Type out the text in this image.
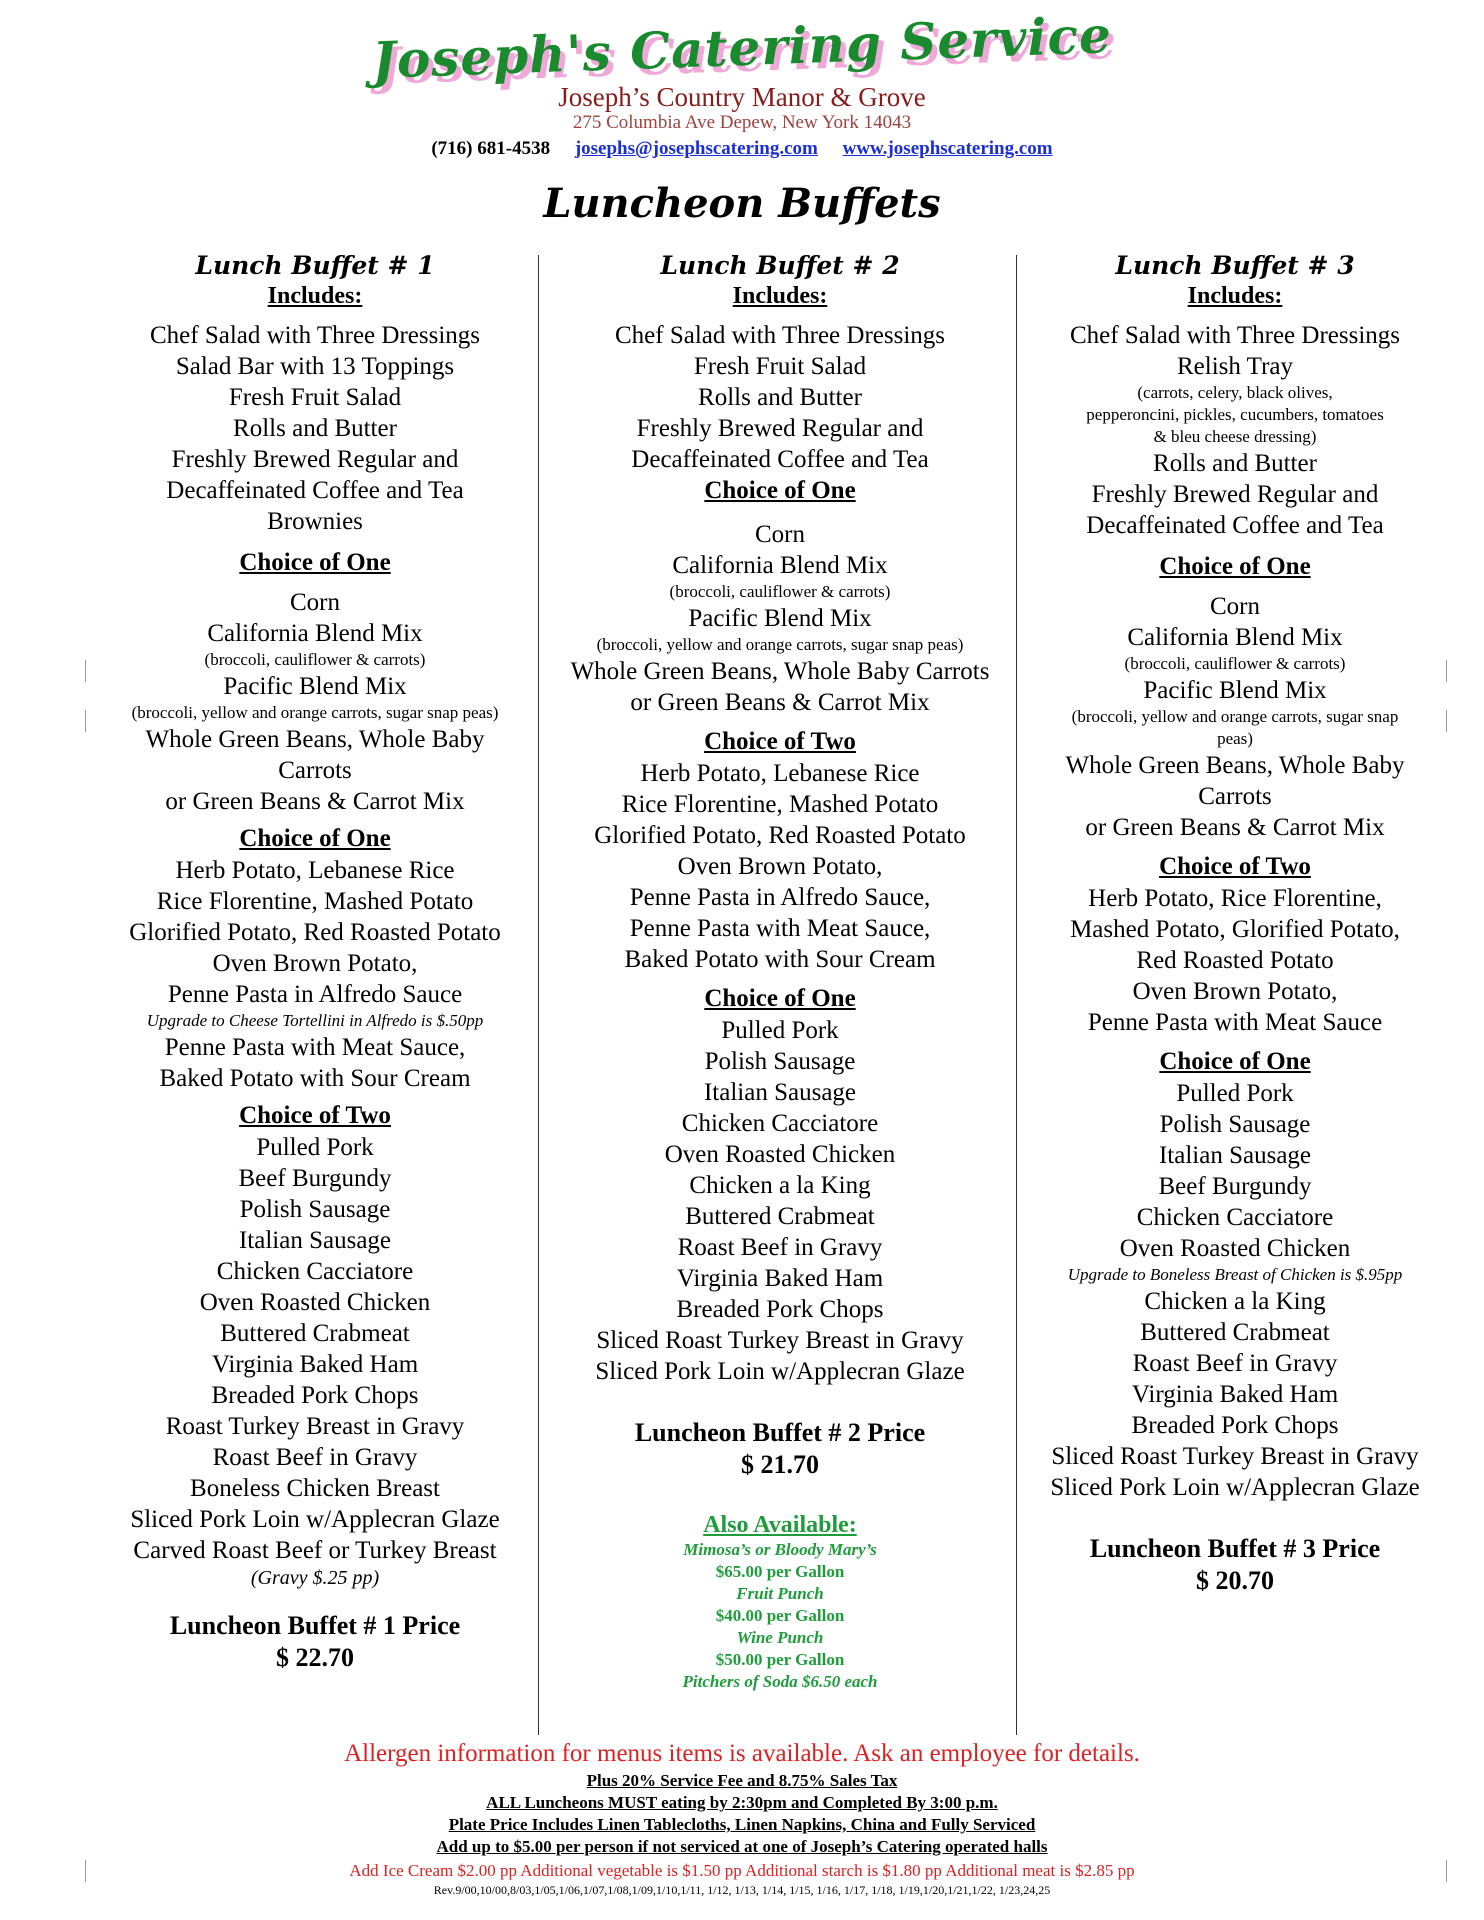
Joseph's Catering Service
Joseph’s Country Manor & Grove
275 Columbia Ave Depew, New York 14043
(716) 681-4538 josephs@josephscatering.com www.josephscatering.com
Luncheon Buffets
Lunch Buffet # 1
Includes:
Chef Salad with Three Dressings
Salad Bar with 13 Toppings
Fresh Fruit Salad
Rolls and Butter
Freshly Brewed Regular and
Decaffeinated Coffee and Tea
Brownies
Choice of One
Corn
California Blend Mix
(broccoli, cauliflower & carrots)
Pacific Blend Mix
(broccoli, yellow and orange carrots, sugar snap peas)
Whole Green Beans, Whole Baby
Carrots
or Green Beans & Carrot Mix
Choice of One
Herb Potato, Lebanese Rice
Rice Florentine, Mashed Potato
Glorified Potato, Red Roasted Potato
Oven Brown Potato,
Penne Pasta in Alfredo Sauce
Upgrade to Cheese Tortellini in Alfredo is $.50pp
Penne Pasta with Meat Sauce,
Baked Potato with Sour Cream
Choice of Two
Pulled Pork
Beef Burgundy
Polish Sausage
Italian Sausage
Chicken Cacciatore
Oven Roasted Chicken
Buttered Crabmeat
Virginia Baked Ham
Breaded Pork Chops
Roast Turkey Breast in Gravy
Roast Beef in Gravy
Boneless Chicken Breast
Sliced Pork Loin w/Applecran Glaze
Carved Roast Beef or Turkey Breast
(Gravy $.25 pp)
Luncheon Buffet # 1 Price
$ 22.70
Lunch Buffet # 2
Includes:
Chef Salad with Three Dressings
Fresh Fruit Salad
Rolls and Butter
Freshly Brewed Regular and
Decaffeinated Coffee and Tea
Choice of One
Corn
California Blend Mix
(broccoli, cauliflower & carrots)
Pacific Blend Mix
(broccoli, yellow and orange carrots, sugar snap peas)
Whole Green Beans, Whole Baby Carrots
or Green Beans & Carrot Mix
Choice of Two
Herb Potato, Lebanese Rice
Rice Florentine, Mashed Potato
Glorified Potato, Red Roasted Potato
Oven Brown Potato,
Penne Pasta in Alfredo Sauce,
Penne Pasta with Meat Sauce,
Baked Potato with Sour Cream
Choice of One
Pulled Pork
Polish Sausage
Italian Sausage
Chicken Cacciatore
Oven Roasted Chicken
Chicken a la King
Buttered Crabmeat
Roast Beef in Gravy
Virginia Baked Ham
Breaded Pork Chops
Sliced Roast Turkey Breast in Gravy
Sliced Pork Loin w/Applecran Glaze
Luncheon Buffet # 2 Price
$ 21.70
Also Available:
Mimosa’s or Bloody Mary’s
$65.00 per Gallon
Fruit Punch
$40.00 per Gallon
Wine Punch
$50.00 per Gallon
Pitchers of Soda $6.50 each
Lunch Buffet # 3
Includes:
Chef Salad with Three Dressings
Relish Tray
(carrots, celery, black olives,
pepperoncini, pickles, cucumbers, tomatoes
& bleu cheese dressing)
Rolls and Butter
Freshly Brewed Regular and
Decaffeinated Coffee and Tea
Choice of One
Corn
California Blend Mix
(broccoli, cauliflower & carrots)
Pacific Blend Mix
(broccoli, yellow and orange carrots, sugar snap
peas)
Whole Green Beans, Whole Baby
Carrots
or Green Beans & Carrot Mix
Choice of Two
Herb Potato, Rice Florentine,
Mashed Potato, Glorified Potato,
Red Roasted Potato
Oven Brown Potato,
Penne Pasta with Meat Sauce
Choice of One
Pulled Pork
Polish Sausage
Italian Sausage
Beef Burgundy
Chicken Cacciatore
Oven Roasted Chicken
Upgrade to Boneless Breast of Chicken is $.95pp
Chicken a la King
Buttered Crabmeat
Roast Beef in Gravy
Virginia Baked Ham
Breaded Pork Chops
Sliced Roast Turkey Breast in Gravy
Sliced Pork Loin w/Applecran Glaze
Luncheon Buffet # 3 Price
$ 20.70
Allergen information for menus items is available. Ask an employee for details.
Plus 20% Service Fee and 8.75% Sales Tax
ALL Luncheons MUST eating by 2:30pm and Completed By 3:00 p.m.
Plate Price Includes Linen Tablecloths, Linen Napkins, China and Fully Serviced
Add up to $5.00 per person if not serviced at one of Joseph’s Catering operated halls
Add Ice Cream $2.00 pp Additional vegetable is $1.50 pp Additional starch is $1.80 pp Additional meat is $2.85 pp
Rev.9/00,10/00,8/03,1/05,1/06,1/07,1/08,1/09,1/10,1/11, 1/12, 1/13, 1/14, 1/15, 1/16, 1/17, 1/18, 1/19,1/20,1/21,1/22, 1/23,24,25
